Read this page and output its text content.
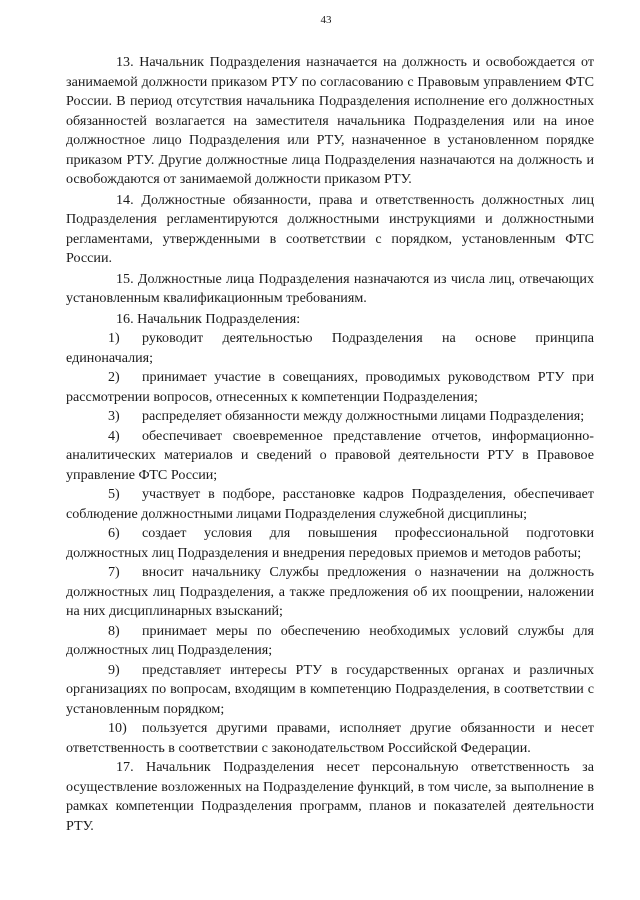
43

13. Начальник Подразделения назначается на должность и освобождается от занимаемой должности приказом РТУ по согласованию с Правовым управлением ФТС России. В период отсутствия начальника Подразделения исполнение его должностных обязанностей возлагается на заместителя начальника Подразделения или на иное должностное лицо Подразделения или РТУ, назначенное в установленном порядке приказом РТУ. Другие должностные лица Подразделения назначаются на должность и освобождаются от занимаемой должности приказом РТУ.

14. Должностные обязанности, права и ответственность должностных лиц Подразделения регламентируются должностными инструкциями и должностными регламентами, утвержденными в соответствии с порядком, установленным ФТС России.

15. Должностные лица Подразделения назначаются из числа лиц, отвечающих установленным квалификационным требованиям.

16. Начальник Подразделения:

1) руководит деятельностью Подразделения на основе принципа единоначалия;

2) принимает участие в совещаниях, проводимых руководством РТУ при рассмотрении вопросов, отнесенных к компетенции Подразделения;

3) распределяет обязанности между должностными лицами Подразделения;

4) обеспечивает своевременное представление отчетов, информационно-аналитических материалов и сведений о правовой деятельности РТУ в Правовое управление ФТС России;

5) участвует в подборе, расстановке кадров Подразделения, обеспечивает соблюдение должностными лицами Подразделения служебной дисциплины;

6) создает условия для повышения профессиональной подготовки должностных лиц Подразделения и внедрения передовых приемов и методов работы;

7) вносит начальнику Службы предложения о назначении на должность должностных лиц Подразделения, а также предложения об их поощрении, наложении на них дисциплинарных взысканий;

8) принимает меры по обеспечению необходимых условий службы для должностных лиц Подразделения;

9) представляет интересы РТУ в государственных органах и различных организациях по вопросам, входящим в компетенцию Подразделения, в соответствии с установленным порядком;

10) пользуется другими правами, исполняет другие обязанности и несет ответственность в соответствии с законодательством Российской Федерации.

17. Начальник Подразделения несет персональную ответственность за осуществление возложенных на Подразделение функций, в том числе, за выполнение в рамках компетенции Подразделения программ, планов и показателей деятельности РТУ.
